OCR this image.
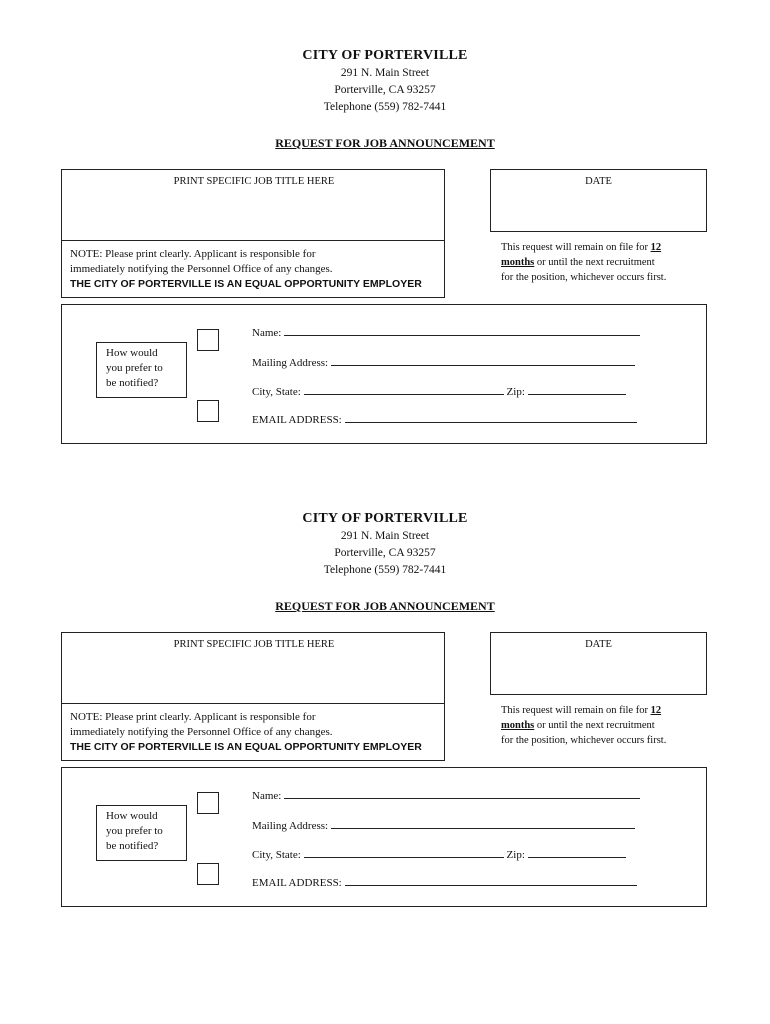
CITY OF PORTERVILLE
291 N. Main Street
Porterville, CA 93257
Telephone (559) 782-7441
REQUEST FOR JOB ANNOUNCEMENT
PRINT SPECIFIC JOB TITLE HERE
NOTE: Please print clearly. Applicant is responsible for
immediately notifying the Personnel Office of any changes.
THE CITY OF PORTERVILLE IS AN EQUAL OPPORTUNITY EMPLOYER
DATE
This request will remain on file for 12
months or until the next recruitment
for the position, whichever occurs first.
How would
you prefer to
be notified?
Name:
Mailing Address:
City, State:	Zip:
EMAIL ADDRESS:
CITY OF PORTERVILLE
291 N. Main Street
Porterville, CA 93257
Telephone (559) 782-7441
REQUEST FOR JOB ANNOUNCEMENT
PRINT SPECIFIC JOB TITLE HERE
NOTE: Please print clearly. Applicant is responsible for
immediately notifying the Personnel Office of any changes.
THE CITY OF PORTERVILLE IS AN EQUAL OPPORTUNITY EMPLOYER
DATE
This request will remain on file for 12
months or until the next recruitment
for the position, whichever occurs first.
How would
you prefer to
be notified?
Name:
Mailing Address:
City, State:	Zip:
EMAIL ADDRESS:
